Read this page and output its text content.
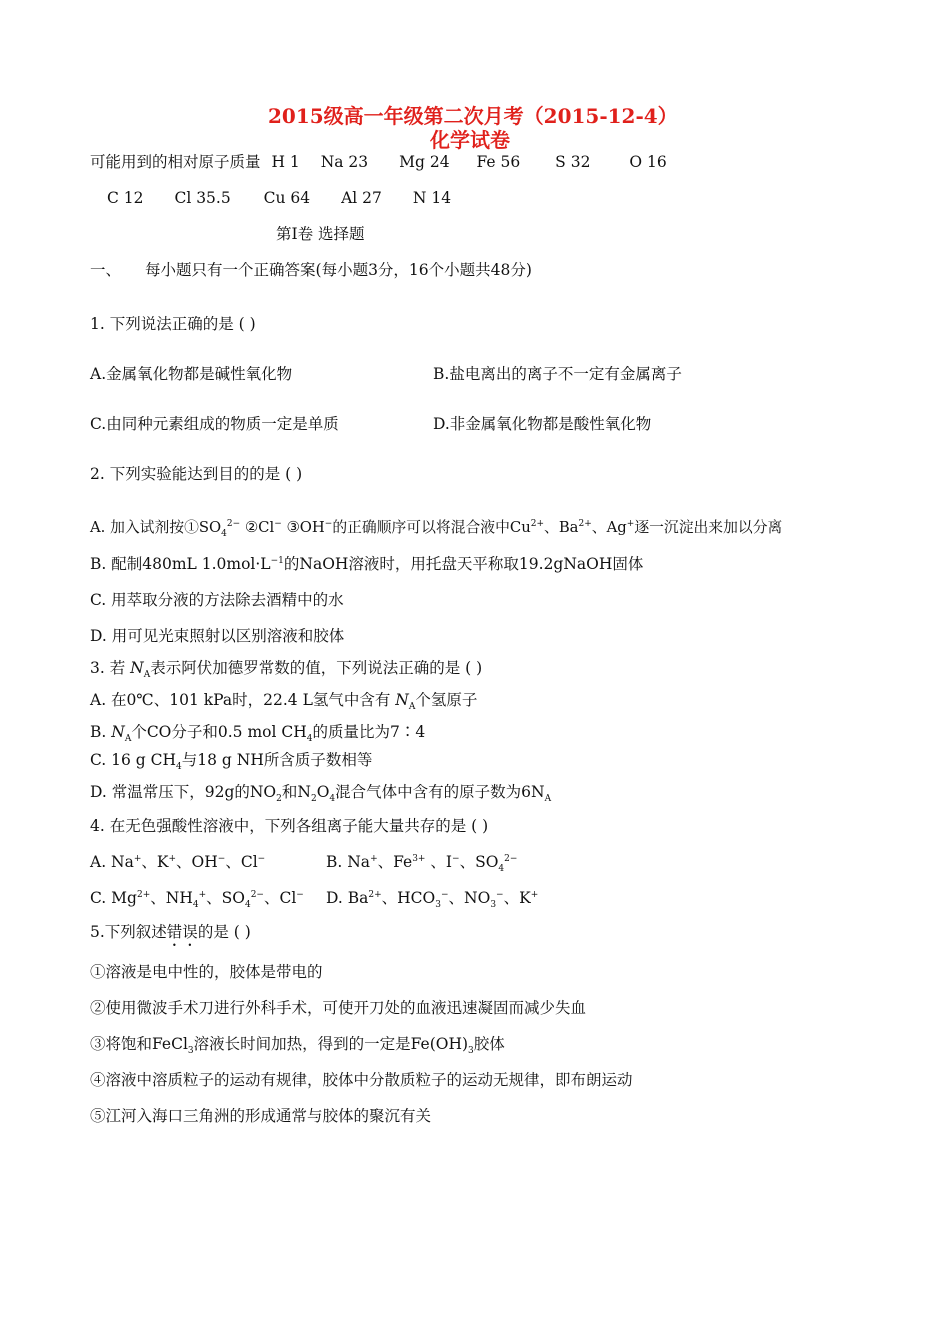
2015级高一年级第二次月考（2015-12-4）
化学试卷
可能用到的相对原子质量 H 1 Na 23 Mg 24 Fe 56 S 32	O 16
C 12 Cl 35.5 Cu 64 Al 27 N 14
第Ⅰ卷 选择题
一、 每小题只有一个正确答案(每小题3分，16个小题共48分)
1. 下列说法正确的是 ( )
A.金属氧化物都是碱性氧化物	B.盐电离出的离子不一定有金属离子
C.由同种元素组成的物质一定是单质	D.非金属氧化物都是酸性氧化物
2. 下列实验能达到目的的是 ( )
A. 加入试剂按$①SO_4^{2-}$ ②Cl− ③OH−的正确顺序可以将混合液中$Cu^{2+}$、$Ba^{2+}$、Ag+逐一沉淀出来加以分离
B. 配制480mL $1.0mol\cdot L^{-1}$的NaOH溶液时，用托盘天平称取19.2gNaOH固体
C. 用萃取分液的方法除去酒精中的水
D. 用可见光束照射以区别溶液和胶体
3. 若 $N_A$表示阿伏加德罗常数的值，下列说法正确的是 ( )
A. 在0℃、101 kPa时，22.4 L氢气中含有 $N_A$个氢原子
B. $N_A$个CO分子和0.5 mol $CH_4$的质量比为7∶4
C. 16 g $CH_4$与18 g NH所含质子数相等
D. 常温常压下，92g的$NO_2$和$N_2O_4$混合气体中含有的原子数为$6N_A$
4. 在无色强酸性溶液中，下列各组离子能大量共存的是 ( )
A. Na+、K+、OH−、Cl−	B. Na+、$Fe^{3+}$ 、I−、$SO_4^{2-}$
C. $Mg^{2+}$、$NH_4^+$、$SO_4^{2-}$、Cl− D. $Ba^{2+}$、$HCO_3^-$、$NO_3^-$、K+
5.下列叙述错误的是 ( )
①溶液是电中性的，胶体是带电的
②使用微波手术刀进行外科手术，可使开刀处的血液迅速凝固而减少失血
③将饱和FeCl$_3$溶液长时间加热，得到的一定是$Fe(OH)_3$胶体
④溶液中溶质粒子的运动有规律，胶体中分散质粒子的运动无规律，即布朗运动
⑤江河入海口三角洲的形成通常与胶体的聚沉有关
